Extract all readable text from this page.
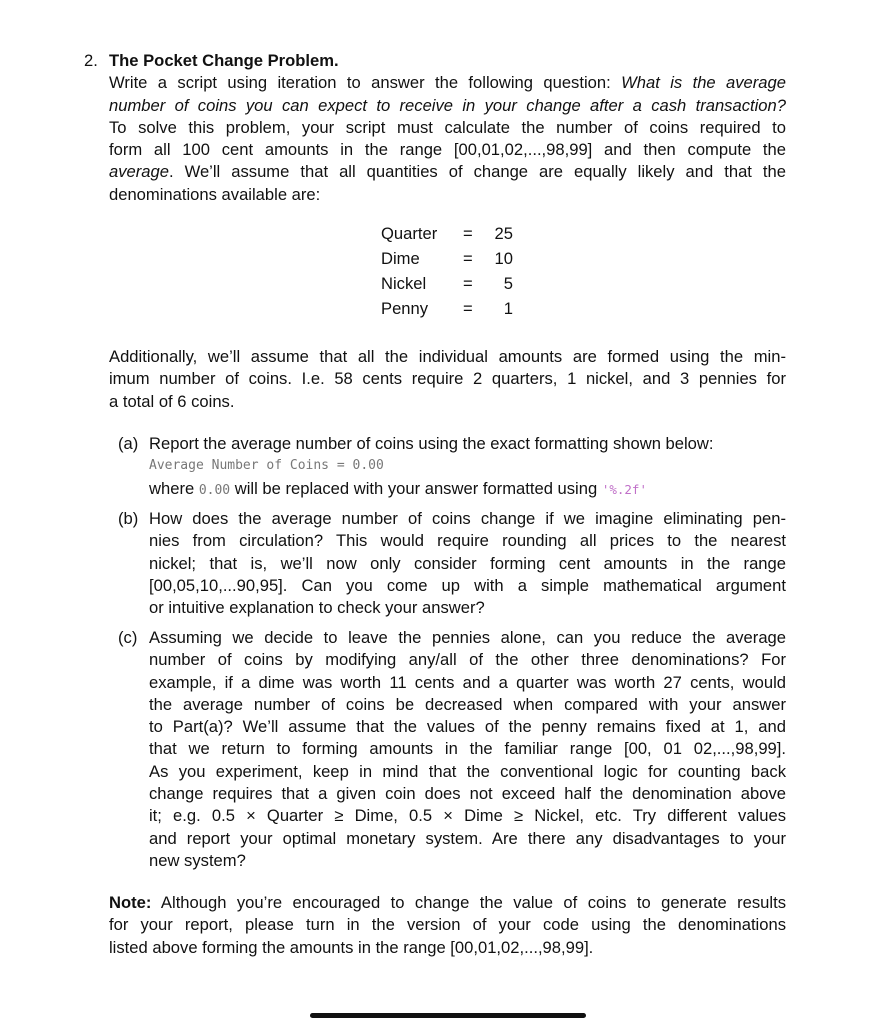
2. The Pocket Change Problem.
Write a script using iteration to answer the following question: What is the average
number of coins you can expect to receive in your change after a cash transaction?
To solve this problem, your script must calculate the number of coins required to
form all 100 cent amounts in the range [00,01,02,...,98,99] and then compute the
average. We’ll assume that all quantities of change are equally likely and that the
denominations available are:
Quarter = 25
Dime	= 10
Nickel = 5
Penny = 1
Additionally, we’ll assume that all the individual amounts are formed using the min-
imum number of coins. I.e. 58 cents require 2 quarters, 1 nickel, and 3 pennies for
a total of 6 coins.
(a) Report the average number of coins using the exact formatting shown below:
Average Number of Coins = 0.00
where 0.00 will be replaced with your answer formatted using '%.2f'
(b) How does the average number of coins change if we imagine eliminating pen-
nies from circulation? This would require rounding all prices to the nearest
nickel; that is, we’ll now only consider forming cent amounts in the range
[00,05,10,...90,95]. Can you come up with a simple mathematical argument
or intuitive explanation to check your answer?
(c) Assuming we decide to leave the pennies alone, can you reduce the average
number of coins by modifying any/all of the other three denominations? For
example, if a dime was worth 11 cents and a quarter was worth 27 cents, would
the average number of coins be decreased when compared with your answer
to Part(a)? We’ll assume that the values of the penny remains fixed at 1, and
that we return to forming amounts in the familiar range [00, 01 02,...,98,99].
As you experiment, keep in mind that the conventional logic for counting back
change requires that a given coin does not exceed half the denomination above
it; e.g. 0.5 × Quarter ≥ Dime, 0.5 × Dime ≥ Nickel, etc. Try different values
and report your optimal monetary system. Are there any disadvantages to your
new system?
Note: Although you’re encouraged to change the value of coins to generate results
for your report, please turn in the version of your code using the denominations
listed above forming the amounts in the range [00,01,02,...,98,99].
